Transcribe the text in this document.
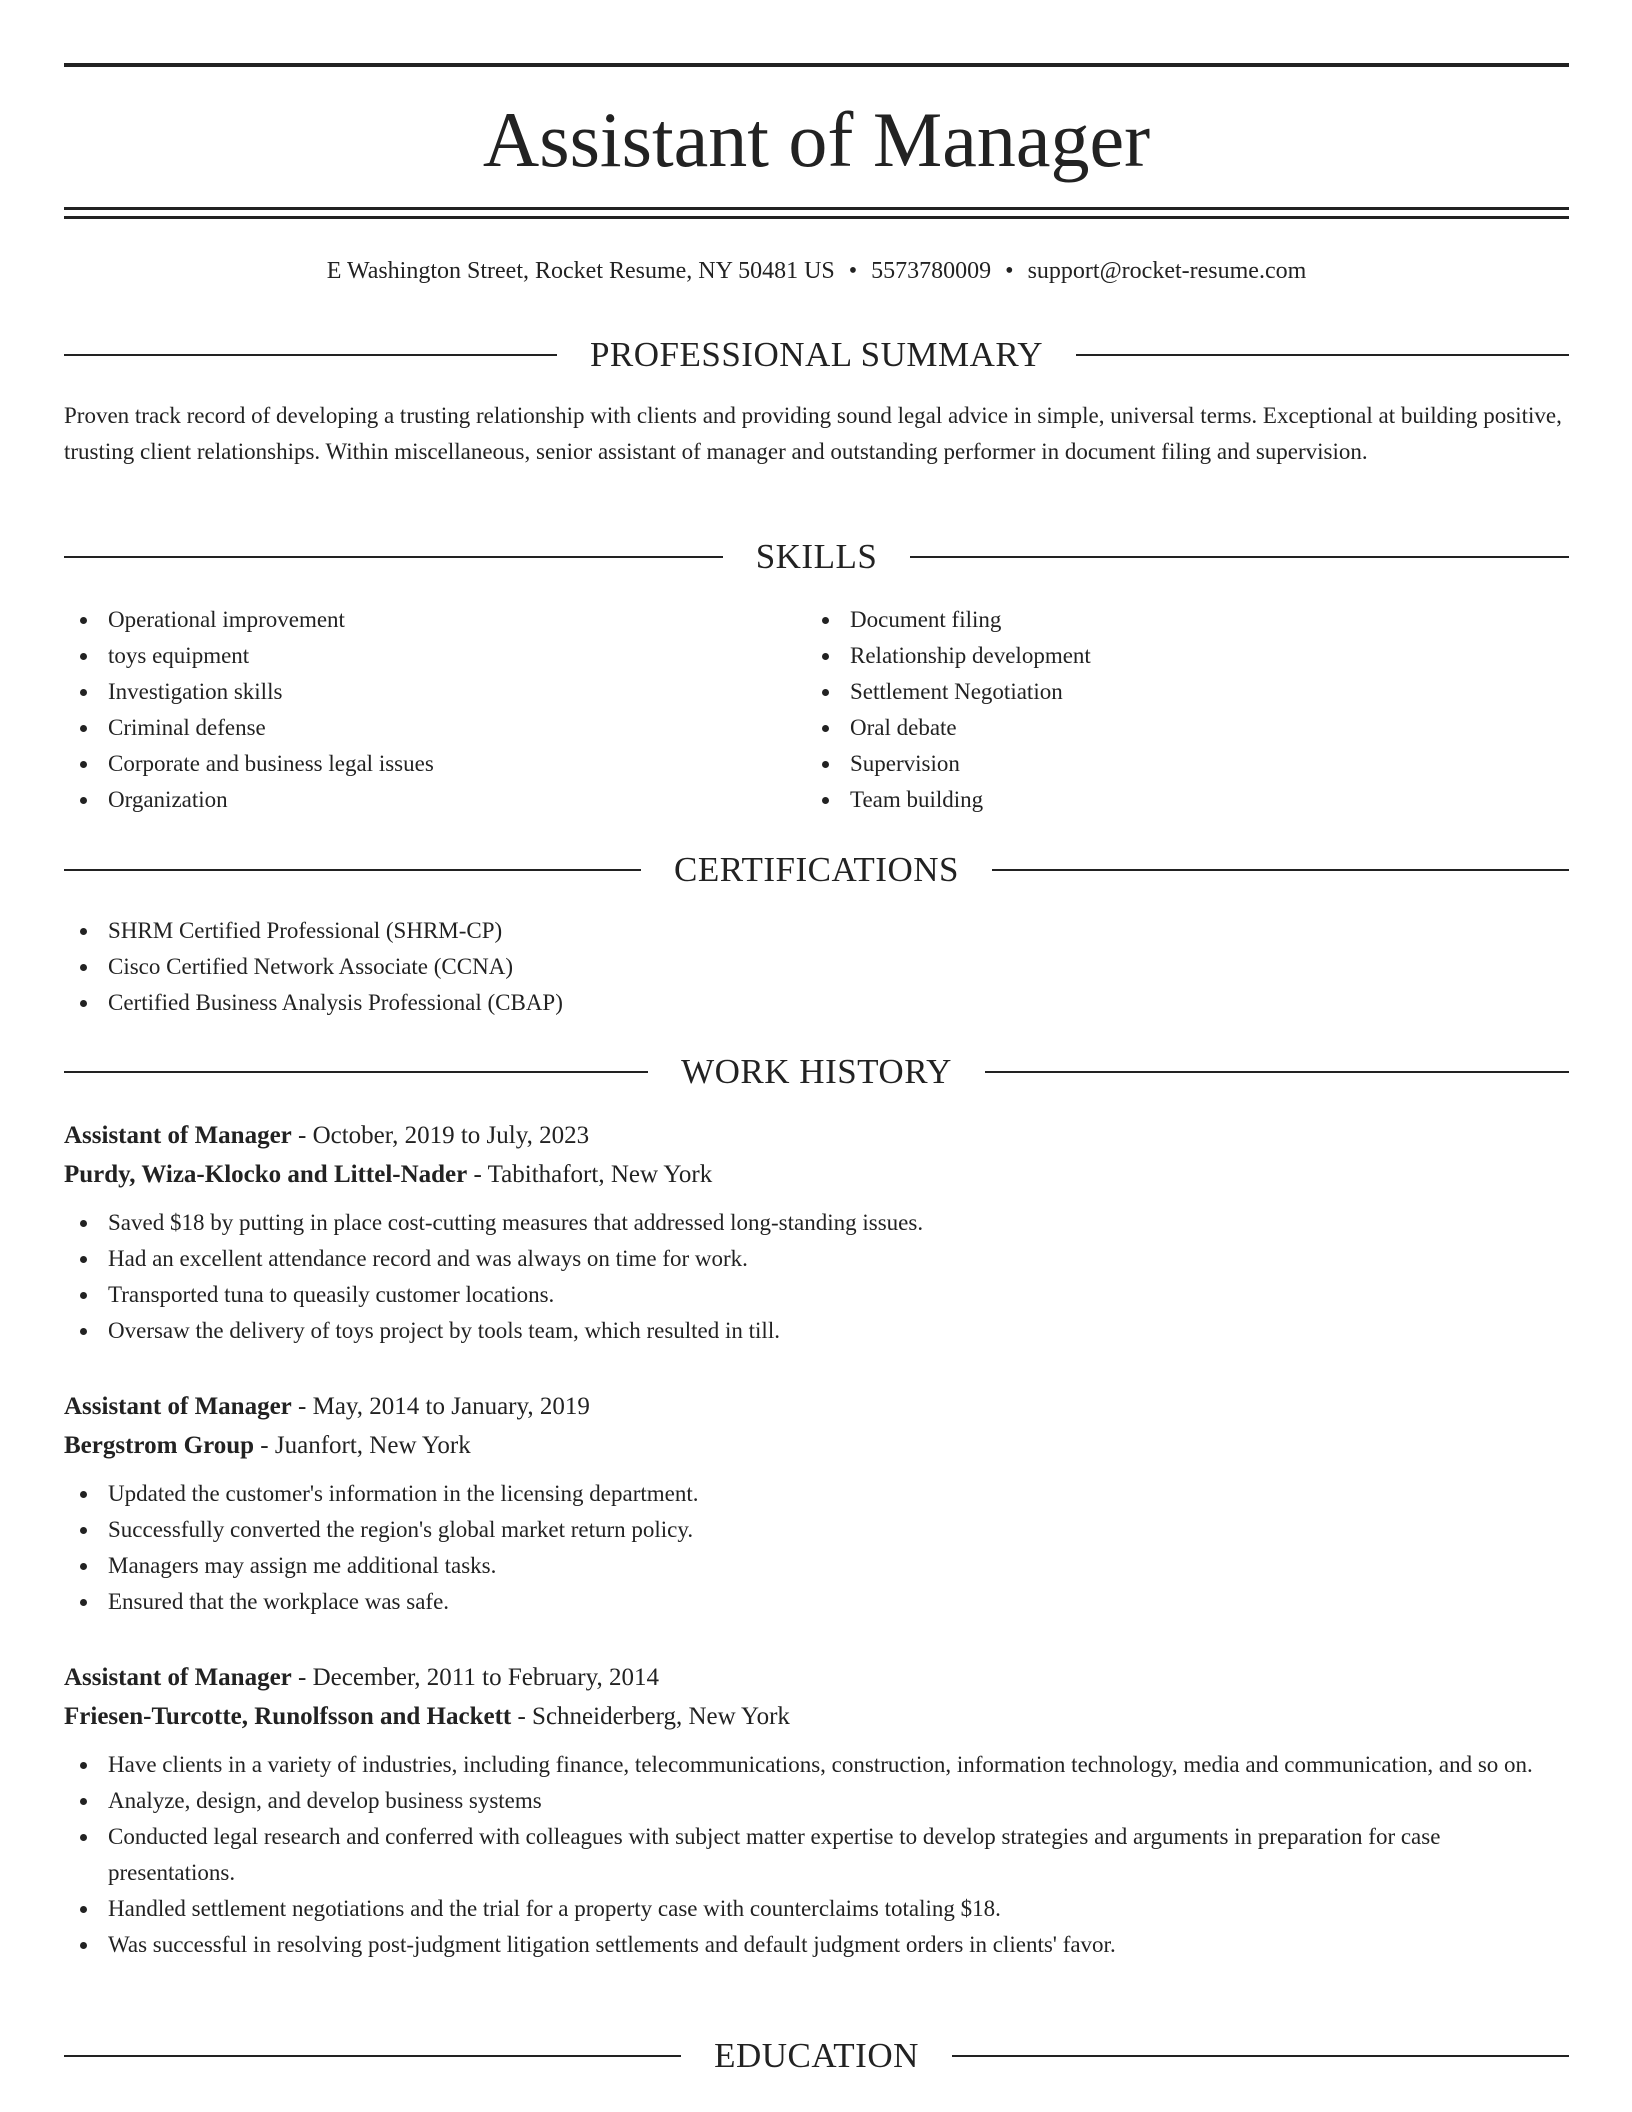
Assistant of Manager
E Washington Street, Rocket Resume, NY 50481 US • 5573780009 • support@rocket-resume.com
PROFESSIONAL SUMMARY

Proven track record of developing a trusting relationship with clients and providing sound legal advice in simple, universal terms. Exceptional at building positive, trusting client relationships. Within miscellaneous, senior assistant of manager and outstanding performer in document filing and supervision.

SKILLS
Operational improvement
toys equipment
Investigation skills
Criminal defense
Corporate and business legal issues
Organization
Document filing
Relationship development
Settlement Negotiation
Oral debate
Supervision
Team building
CERTIFICATIONS
SHRM Certified Professional (SHRM-CP)
Cisco Certified Network Associate (CCNA)
Certified Business Analysis Professional (CBAP)
WORK HISTORY
Assistant of Manager - October, 2019 to July, 2023
Purdy, Wiza-Klocko and Littel-Nader - Tabithafort, New York
Saved $18 by putting in place cost-cutting measures that addressed long-standing issues.
Had an excellent attendance record and was always on time for work.
Transported tuna to queasily customer locations.
Oversaw the delivery of toys project by tools team, which resulted in till.
Assistant of Manager - May, 2014 to January, 2019
Bergstrom Group - Juanfort, New York
Updated the customer's information in the licensing department.
Successfully converted the region's global market return policy.
Managers may assign me additional tasks.
Ensured that the workplace was safe.
Assistant of Manager - December, 2011 to February, 2014
Friesen-Turcotte, Runolfsson and Hackett - Schneiderberg, New York
Have clients in a variety of industries, including finance, telecommunications, construction, information technology, media and communication, and so on.
Analyze, design, and develop business systems
Conducted legal research and conferred with colleagues with subject matter expertise to develop strategies and arguments in preparation for case presentations.
Handled settlement negotiations and the trial for a property case with counterclaims totaling $18.
Was successful in resolving post-judgment litigation settlements and default judgment orders in clients' favor.
EDUCATION
